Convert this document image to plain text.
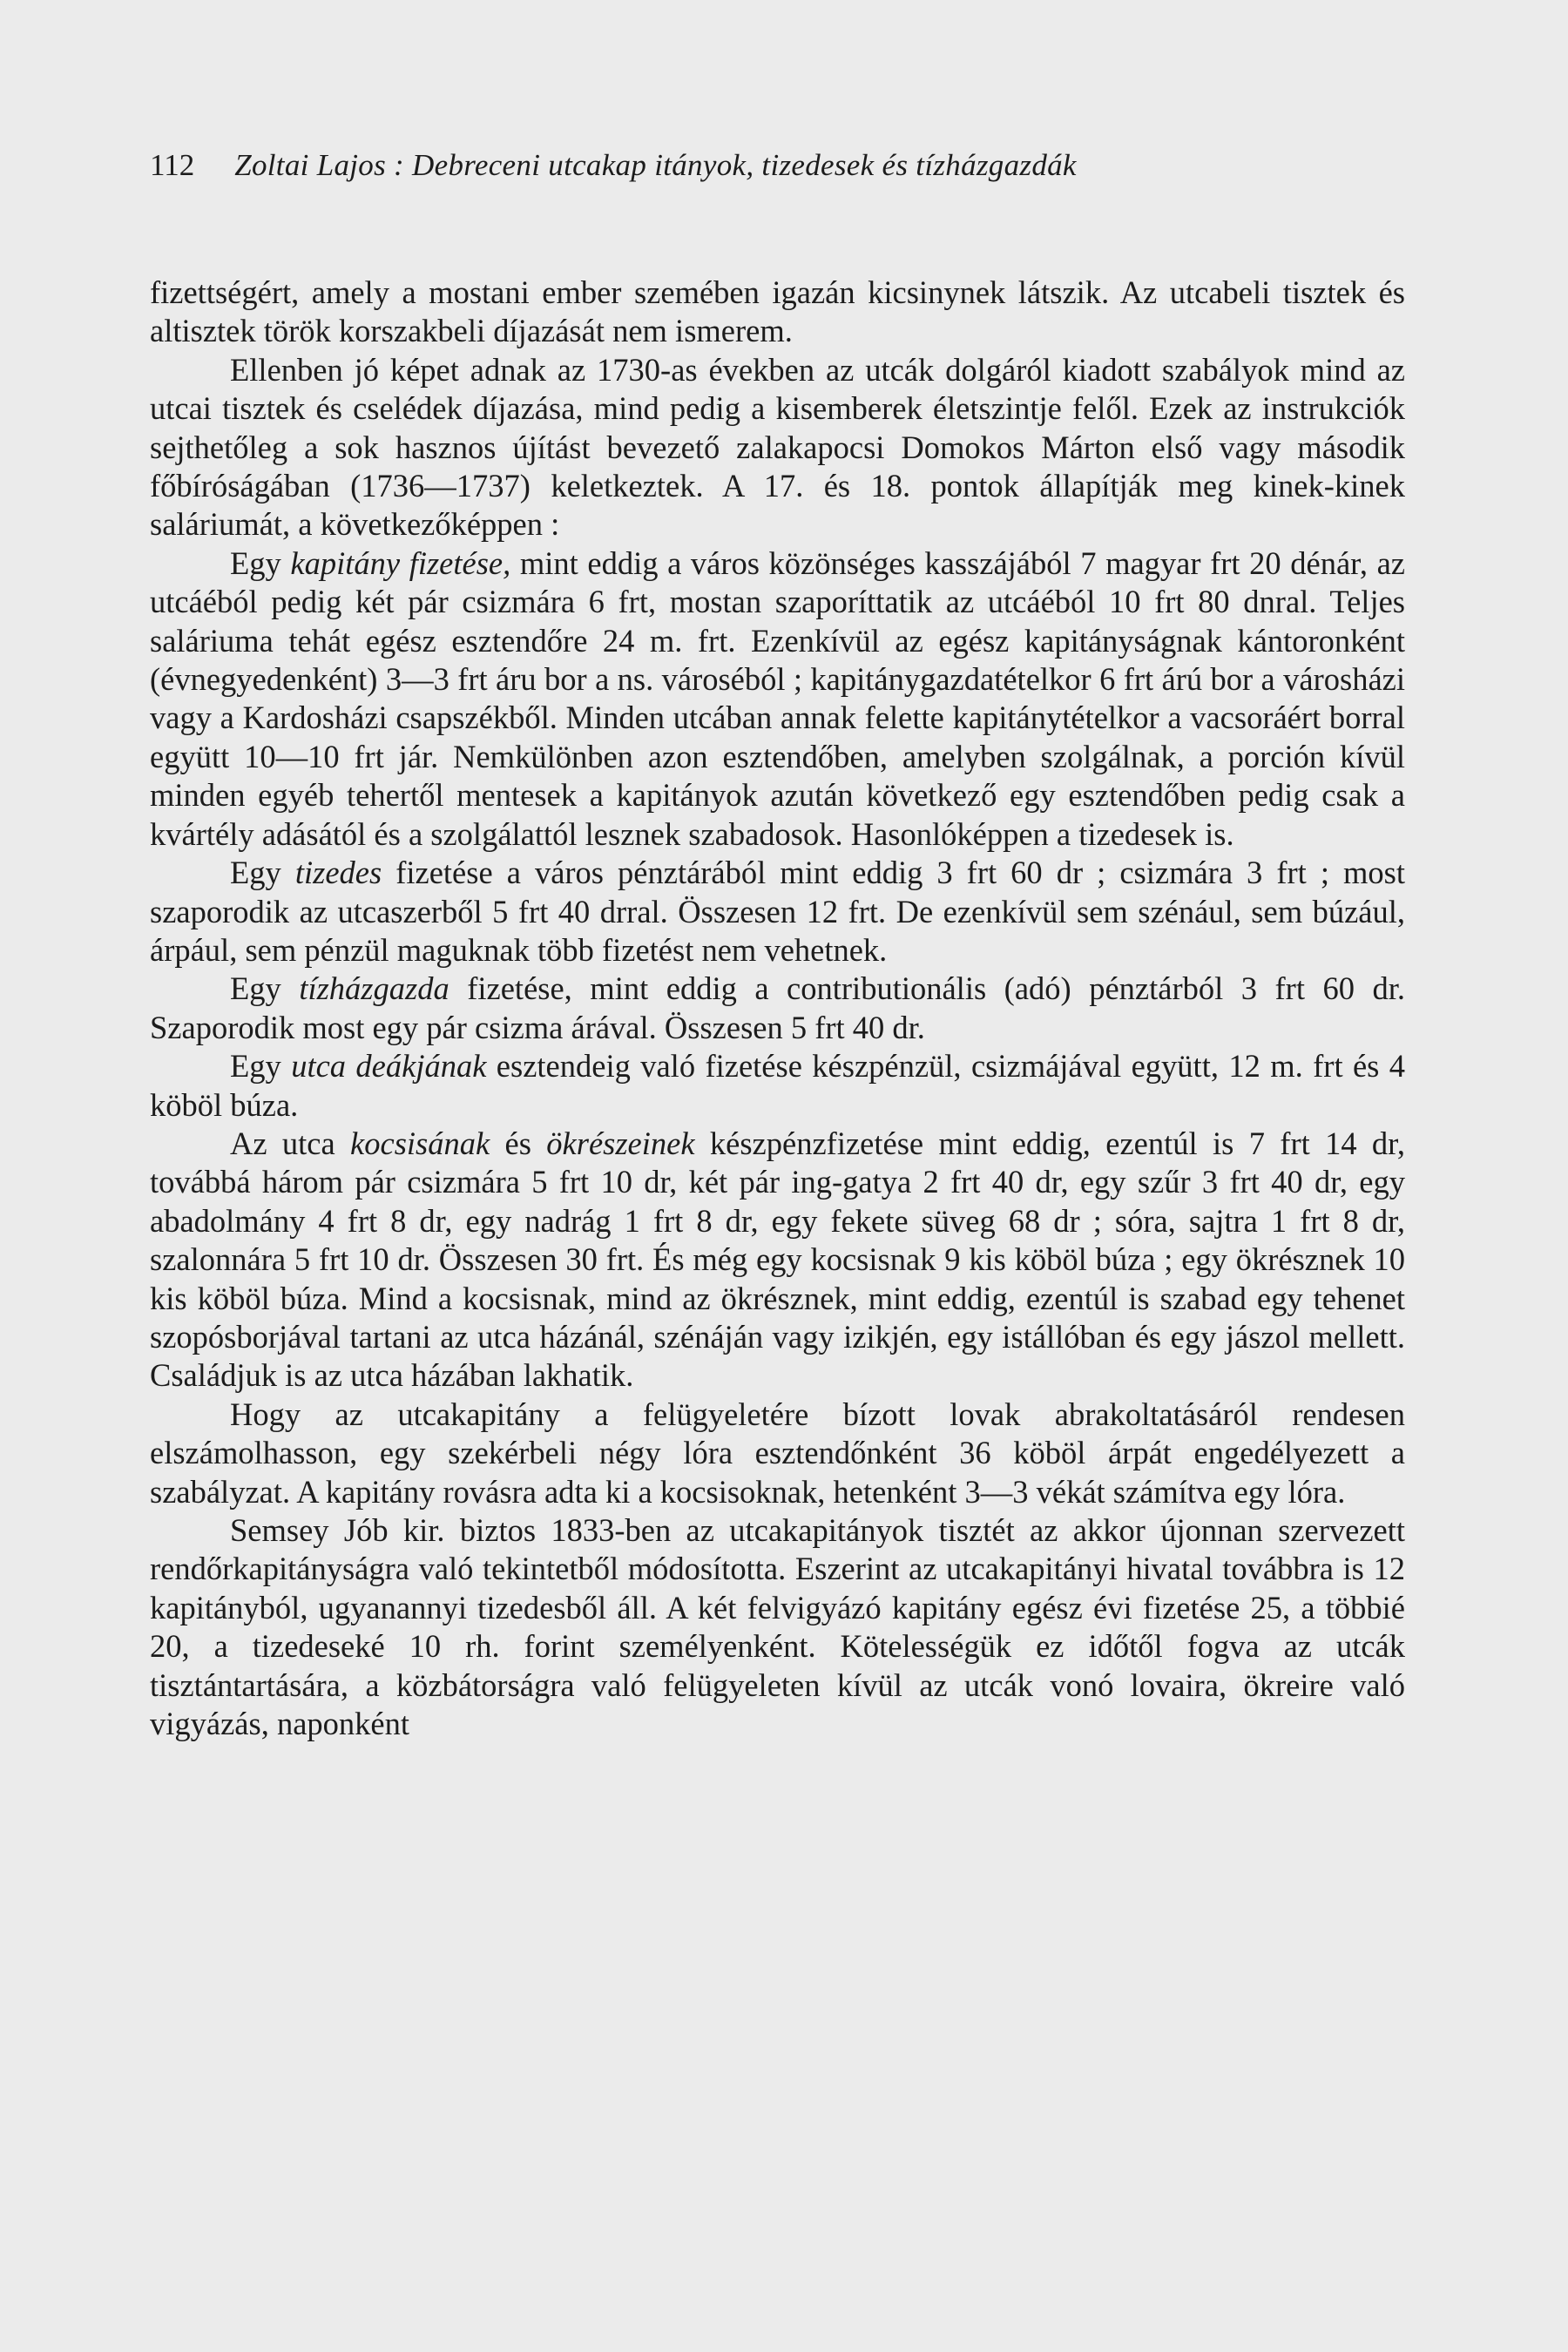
112 Zoltai Lajos : Debreceni utcakap itányok, tizedesek és tízházgazdák

fizettségért, amely a mostani ember szemében igazán kicsinynek látszik. Az utcabeli tisztek és altisztek török korszakbeli díjazását nem ismerem.

Ellenben jó képet adnak az 1730-as években az utcák dolgáról kiadott szabályok mind az utcai tisztek és cselédek díjazása, mind pedig a kisemberek életszintje felől. Ezek az instrukciók sejthetőleg a sok hasznos újítást bevezető zalakapocsi Domokos Márton első vagy második főbíróságában (1736—1737) keletkeztek. A 17. és 18. pontok állapítják meg kinek-kinek saláriumát, a következőképpen :

Egy kapitány fizetése, mint eddig a város közönséges kasszájából 7 magyar frt 20 dénár, az utcáéból pedig két pár csizmára 6 frt, mostan szaporíttatik az utcáéból 10 frt 80 dnral. Teljes saláriuma tehát egész esztendőre 24 m. frt. Ezenkívül az egész kapitányságnak kántoronként (évnegyedenként) 3—3 frt áru bor a ns. városéból ; kapitánygazdatételkor 6 frt árú bor a városházi vagy a Kardosházi csapszékből. Minden utcában annak felette kapitánytételkor a vacsoráért borral együtt 10—10 frt jár. Nemkülönben azon esztendőben, amelyben szolgálnak, a porción kívül minden egyéb tehertől mentesek a kapitányok azután következő egy esztendőben pedig csak a kvártély adásától és a szolgálattól lesznek szabadosok. Hasonlóképpen a tizedesek is.

Egy tizedes fizetése a város pénztárából mint eddig 3 frt 60 dr ; csizmára 3 frt ; most szaporodik az utcaszerből 5 frt 40 drral. Összesen 12 frt. De ezenkívül sem szénául, sem búzául, árpául, sem pénzül maguknak több fizetést nem vehetnek.

Egy tízházgazda fizetése, mint eddig a contributionális (adó) pénztárból 3 frt 60 dr. Szaporodik most egy pár csizma árával. Összesen 5 frt 40 dr.

Egy utca deákjának esztendeig való fizetése készpénzül, csizmájával együtt, 12 m. frt és 4 köböl búza.

Az utca kocsisának és ökrészeinek készpénzfizetése mint eddig, ezentúl is 7 frt 14 dr, továbbá három pár csizmára 5 frt 10 dr, két pár ing-gatya 2 frt 40 dr, egy szűr 3 frt 40 dr, egy abadolmány 4 frt 8 dr, egy nadrág 1 frt 8 dr, egy fekete süveg 68 dr ; sóra, sajtra 1 frt 8 dr, szalonnára 5 frt 10 dr. Összesen 30 frt. És még egy kocsisnak 9 kis köböl búza ; egy ökrésznek 10 kis köböl búza. Mind a kocsisnak, mind az ökrésznek, mint eddig, ezentúl is szabad egy tehenet szopósborjával tartani az utca házánál, szénáján vagy izikjén, egy istállóban és egy jászol mellett. Családjuk is az utca házában lakhatik.

Hogy az utcakapitány a felügyeletére bízott lovak abrakoltatásáról rendesen elszámolhasson, egy szekérbeli négy lóra esztendőnként 36 köböl árpát engedélyezett a szabályzat. A kapitány rovásra adta ki a kocsisoknak, hetenként 3—3 vékát számítva egy lóra.

Semsey Jób kir. biztos 1833-ben az utcakapitányok tisztét az akkor újonnan szervezett rendőrkapitányságra való tekintetből módosította. Eszerint az utcakapitányi hivatal továbbra is 12 kapitányból, ugyanannyi tizedesből áll. A két felvigyázó kapitány egész évi fizetése 25, a többié 20, a tizedeseké 10 rh. forint személyenként. Kötelességük ez időtől fogva az utcák tisztántartására, a közbátorságra való felügyeleten kívül az utcák vonó lovaira, ökreire való vigyázás, naponként
